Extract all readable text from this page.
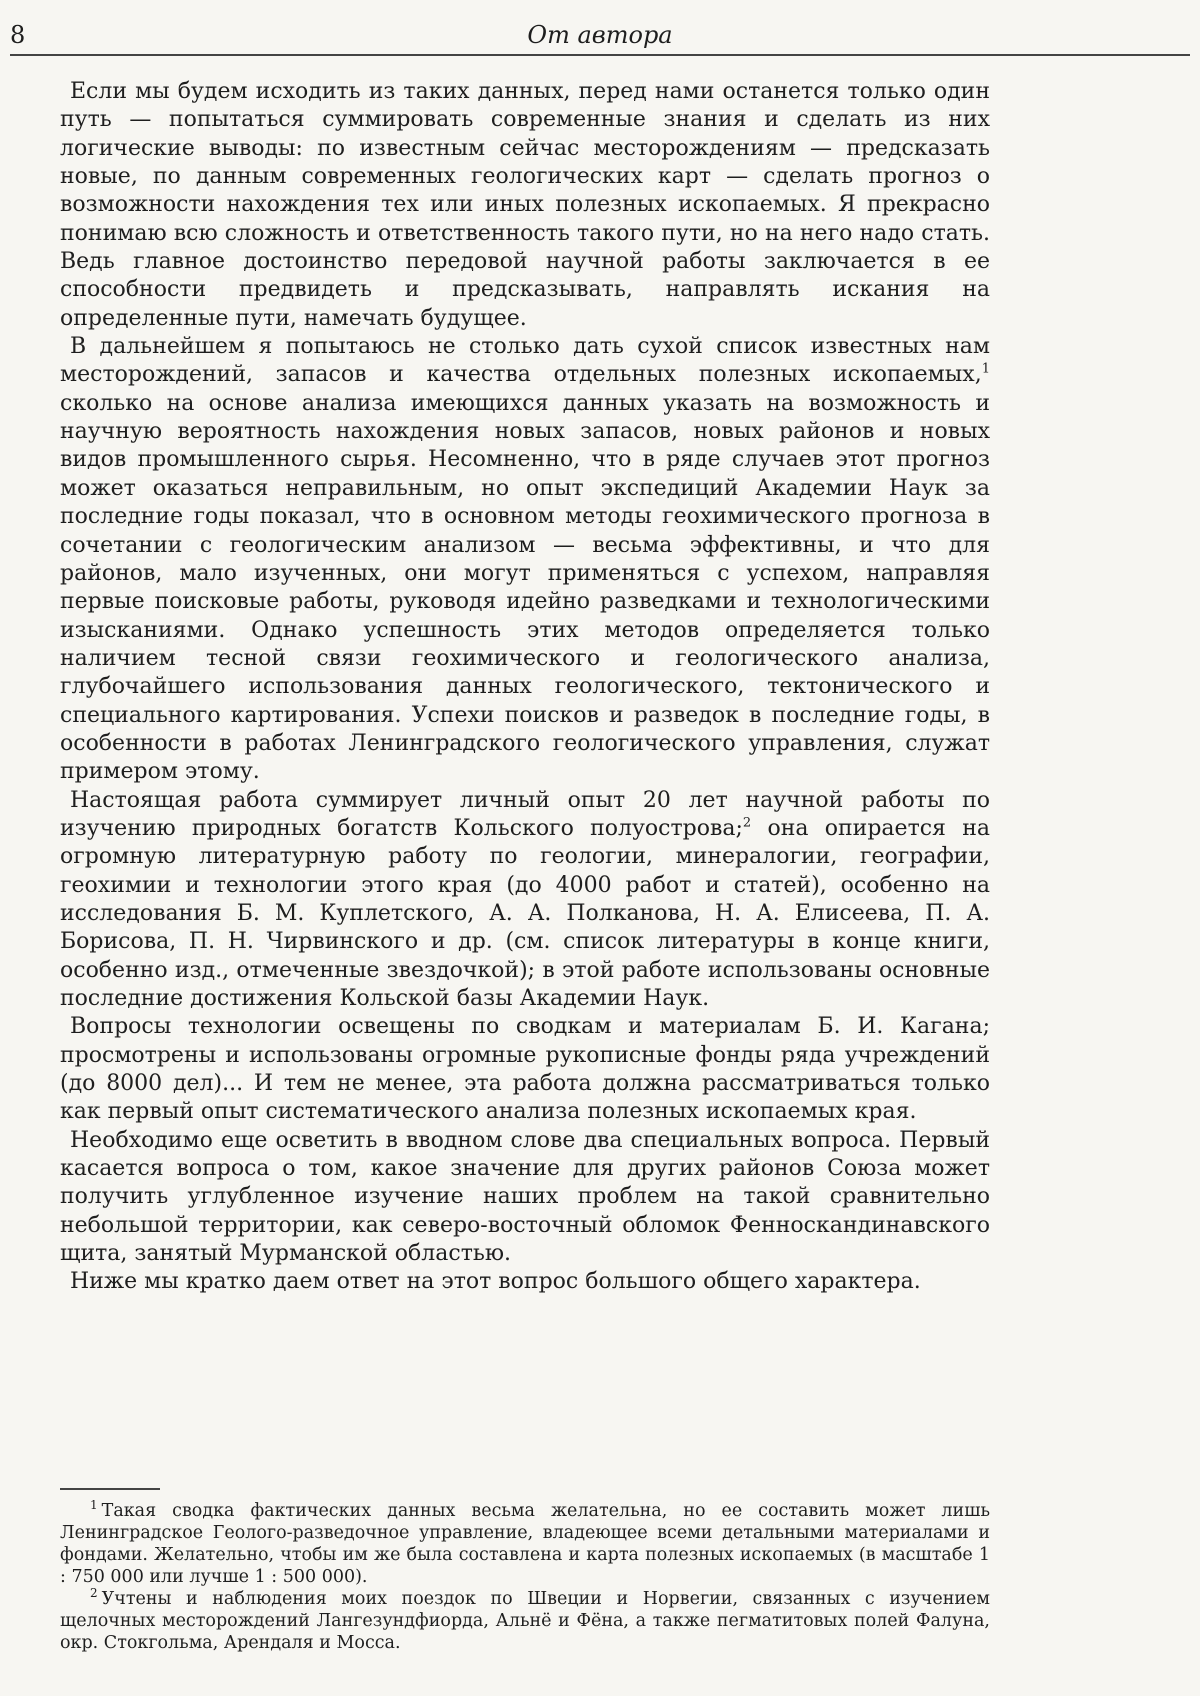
8	От автора

Если мы будем исходить из таких данных, перед нами останется только один путь — попытаться суммировать современные знания и сделать из них логические выводы: по известным сейчас месторождениям — предсказать новые, по данным современных геологических карт — сделать прогноз о возможности нахождения тех или иных полезных ископаемых. Я прекрасно понимаю всю сложность и ответственность такого пути, но на него надо стать. Ведь главное достоинство передовой научной работы заключается в ее способности предвидеть и предсказывать, направлять искания на определенные пути, намечать будущее.

В дальнейшем я попытаюсь не столько дать сухой список известных нам месторождений, запасов и качества отдельных полезных ископаемых,$^1$ сколько на основе анализа имеющихся данных указать на возможность и научную вероятность нахождения новых запасов, новых районов и новых видов промышленного сырья. Несомненно, что в ряде случаев этот прогноз может оказаться неправильным, но опыт экспедиций Академии Наук за последние годы показал, что в основном методы геохимического прогноза в сочетании с геологическим анализом — весьма эффективны, и что для районов, мало изученных, они могут применяться с успехом, направляя первые поисковые работы, руководя идейно разведками и технологическими изысканиями. Однако успешность этих методов определяется только наличием тесной связи геохимического и геологического анализа, глубочайшего использования данных геологического, тектонического и специального картирования. Успехи поисков и разведок в последние годы, в особенности в работах Ленинградского геологического управления, служат примером этому.

Настоящая работа суммирует личный опыт 20 лет научной работы по изучению природных богатств Кольского полуострова;$^2$ она опирается на огромную литературную работу по геологии, минералогии, географии, геохимии и технологии этого края (до 4000 работ и статей), особенно на исследования Б. М. Куплетского, А. А. Полканова, Н. А. Елисеева, П. А. Борисова, П. Н. Чирвинского и др. (см. список литературы в конце книги, особенно изд., отмеченные звездочкой); в этой работе использованы основные последние достижения Кольской базы Академии Наук.

Вопросы технологии освещены по сводкам и материалам Б. И. Кагана; просмотрены и использованы огромные рукописные фонды ряда учреждений (до 8000 дел)... И тем не менее, эта работа должна рассматриваться только как первый опыт систематического анализа полезных ископаемых края.

Необходимо еще осветить в вводном слове два специальных вопроса. Первый касается вопроса о том, какое значение для других районов Союза может получить углубленное изучение наших проблем на такой сравнительно небольшой территории, как северо-восточный обломок Фенноскандинавского щита, занятый Мурманской областью.

Ниже мы кратко даем ответ на этот вопрос большого общего характера.

$^1$ Такая сводка фактических данных весьма желательна, но ее составить может лишь Ленинградское Геолого-разведочное управление, владеющее всеми детальными материалами и фондами. Желательно, чтобы им же была составлена и карта полезных ископаемых (в масштабе 1 : 750 000 или лучше 1 : 500 000).

$^2$ Учтены и наблюдения моих поездок по Швеции и Норвегии, связанных с изучением щелочных месторождений Лангезундфиорда, Альнё и Фёна, а также пегматитовых полей Фалуна, окр. Стокгольма, Арендаля и Мосса.
